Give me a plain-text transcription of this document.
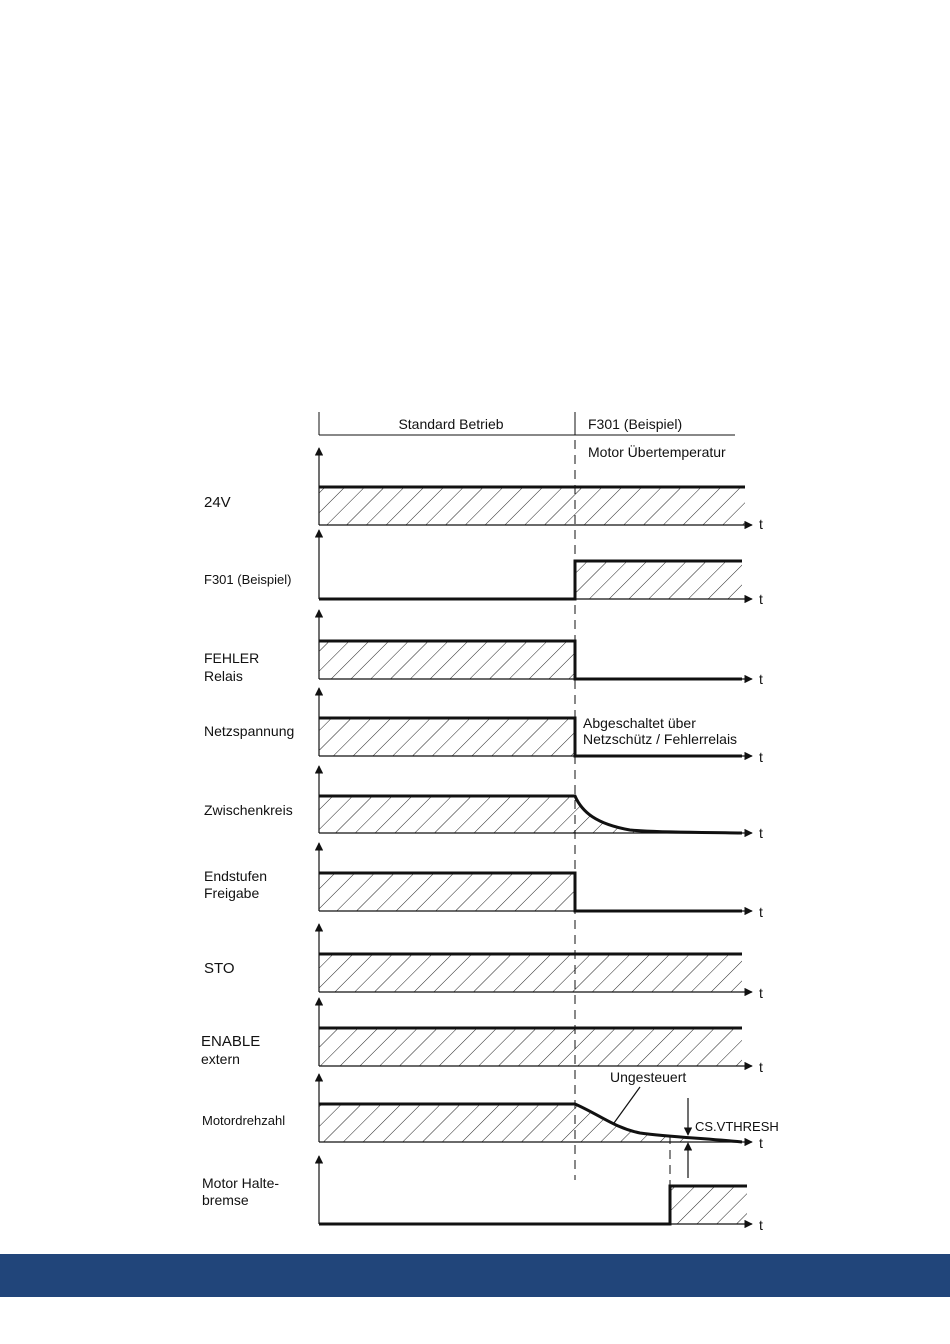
Standard Betrieb	F301 (Beispiel)
Motor Übertemperatur
24V
t
F301 (Beispiel)
t
FEHLER
Relais	t
Netzspannung
t
Abgeschaltet über
Netzschütz / Fehlerrelais
Zwischenkreis
t
Endstufen
Freigabe
t
STO
t
ENABLE
extern	t
Motordrehzahl
t
Ungesteuert
CS.VTHRESH
Motor Halte-
bremse
t
